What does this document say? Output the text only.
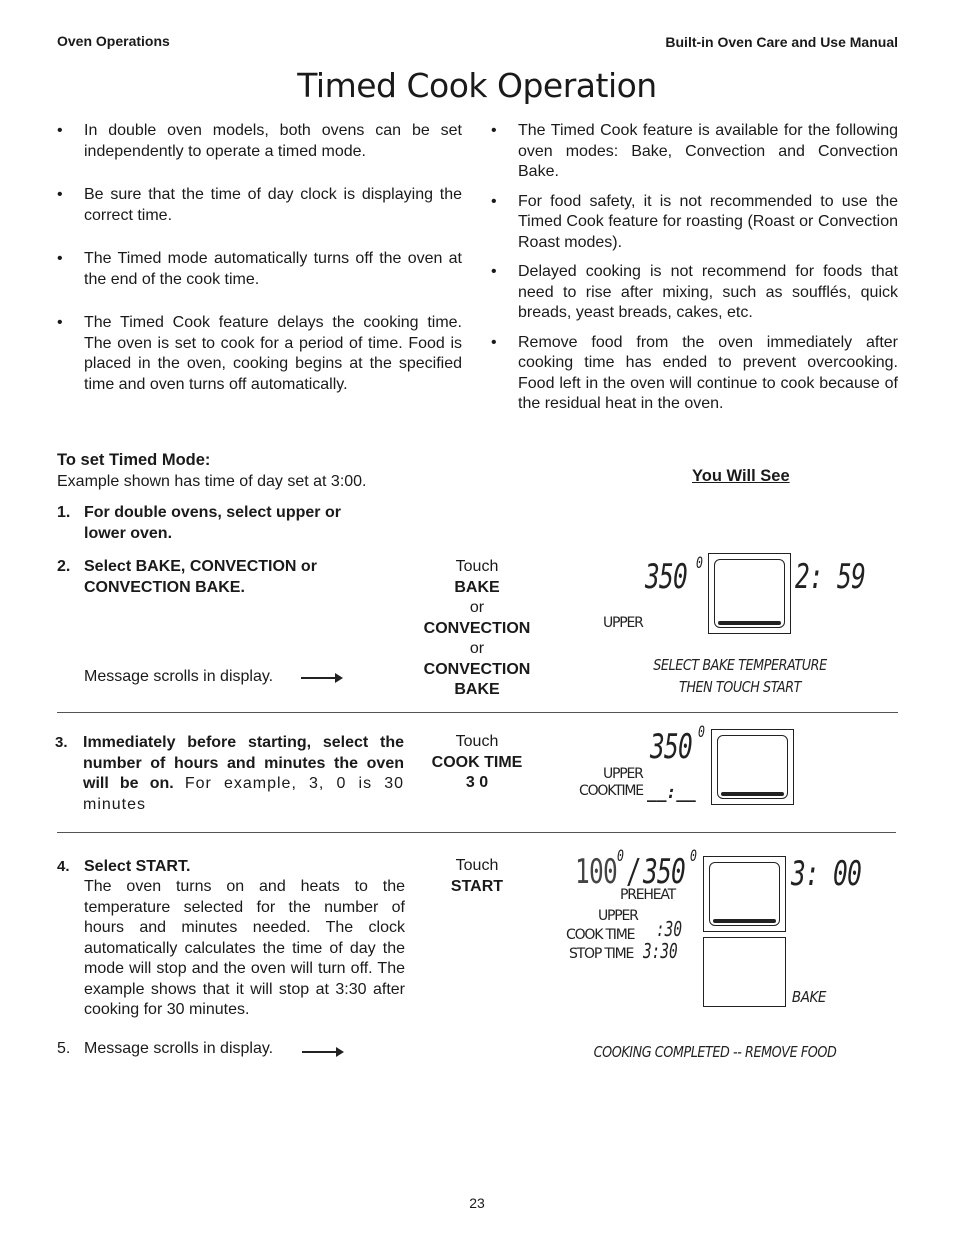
Oven Operations	Built-in Oven Care and Use Manual
Timed Cook Operation
• In double oven models, both ovens can be set independently to operate a timed mode.
• Be sure that the time of day clock is displaying the correct time.
• The Timed mode automatically turns off the oven at the end of the cook time.
• The Timed Cook feature delays the cooking time. The oven is set to cook for a period of time. Food is placed in the oven, cooking begins at the specified time and oven turns off automatically.
• The Timed Cook feature is available for the following oven modes: Bake, Convection and Convection Bake.
• For food safety, it is not recommended to use the Timed Cook feature for roasting (Roast or Convection Roast modes).
• Delayed cooking is not recommend for foods that need to rise after mixing, such as soufflés, quick breads, yeast breads, cakes, etc.
• Remove food from the oven immediately after cooking time has ended to prevent overcooking. Food left in the oven will continue to cook because of the residual heat in the oven.
To set Timed Mode:
Example shown has time of day set at 3:00.	You Will See
1. For double ovens, select upper or lower oven.
2. Select BAKE, CONVECTION or CONVECTION BAKE.
Message scrolls in display.
Touch
BAKE
or
CONVECTION
or
CONVECTION
BAKE
350 0	2: 59
UPPER
SELECT BAKE TEMPERATURE
THEN TOUCH START
3. Immediately before starting, select the number of hours and minutes the oven will be on. For example, 3, 0 is 30 minutes
Touch
COOK TIME
3 0
350 0
UPPER
COOKTIME __:__
4. Select START.
The oven turns on and heats to the temperature selected for the number of hours and minutes needed. The clock automatically calculates the time of day the mode will stop and the oven will turn off. The example shows that it will stop at 3:30 after cooking for 30 minutes.
Touch
START	100 0 / 350 0	3: 00
PREHEAT
UPPER
COOK TIME :30
STOP TIME 3:30
BAKE
5. Message scrolls in display.	COOKING COMPLETED -- REMOVE FOOD
23
